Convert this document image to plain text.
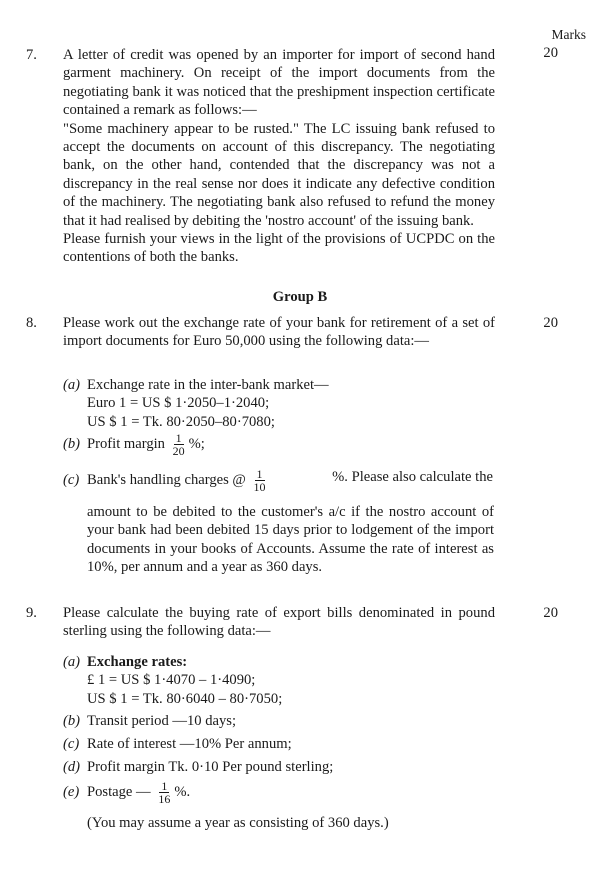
Marks
7.	20

A letter of credit was opened by an importer for import of second hand garment machinery. On receipt of the import documents from the negotiating bank it was noticed that the preshipment inspection certificate contained a remark as follows:—

"Some machinery appear to be rusted." The LC issuing bank refused to accept the documents on account of this discrepancy. The negotiating bank, on the other hand, contended that the discrepancy was not a discrepancy in the real sense nor does it indicate any defective condition of the machinery. The negotiating bank also refused to refund the money that it had realised by debiting the 'nostro account' of the issuing bank.

Please furnish your views in the light of the provisions of UCPDC on the contentions of both the banks.

Group B
8.	20
Please work out the exchange rate of your bank for retirement of a set of import documents for Euro 50,000 using the following data:—
(a) Exchange rate in the inter-bank market—
Euro 1 = US $ 1·2050–1·2040;
US $ 1 = Tk. 80·2050–80·7080;
(b) Profit margin $\frac{1}{20}$ %;
(c) Bank's handling charges @ $\frac{1}{10}$	%. Please also calculate the
amount to be debited to the customer's a/c if the nostro account of your bank had been debited 15 days prior to lodgement of the import documents in your books of Accounts. Assume the rate of interest as 10%, per annum and a year as 360 days.
9.	20
Please calculate the buying rate of export bills denominated in pound sterling using the following data:—
(a) Exchange rates:
£ 1 = US $ 1·4070 – 1·4090;
US $ 1 = Tk. 80·6040 – 80·7050;
(b) Transit period —10 days;
(c) Rate of interest —10% Per annum;
(d) Profit margin Tk. 0·10 Per pound sterling;
(e) Postage — $\frac{1}{16}$ %.
(You may assume a year as consisting of 360 days.)
